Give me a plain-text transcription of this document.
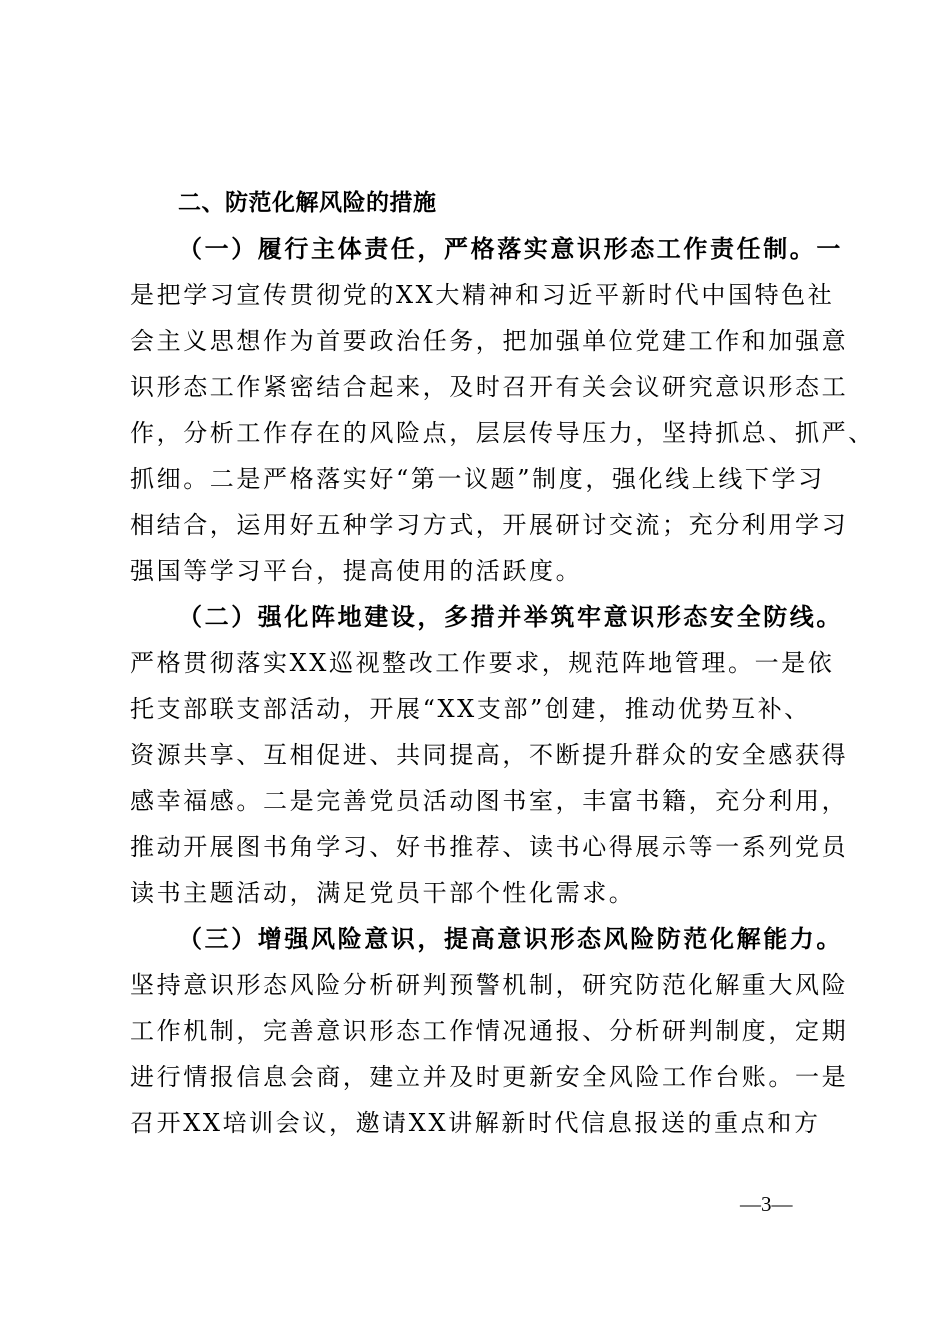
二、防范化解风险的措施
（一）履行主体责任，严格落实意识形态工作责任制。一
是把学习宣传贯彻党的XX大精神和习近平新时代中国特色社
会主义思想作为首要政治任务，把加强单位党建工作和加强意
识形态工作紧密结合起来，及时召开有关会议研究意识形态工
作，分析工作存在的风险点，层层传导压力，坚持抓总、抓严、
抓细。二是严格落实好“第一议题”制度，强化线上线下学习
相结合，运用好五种学习方式，开展研讨交流；充分利用学习
强国等学习平台，提高使用的活跃度。
（二）强化阵地建设，多措并举筑牢意识形态安全防线。
严格贯彻落实XX巡视整改工作要求，规范阵地管理。一是依
托支部联支部活动，开展“XX支部”创建，推动优势互补、
资源共享、互相促进、共同提高，不断提升群众的安全感获得
感幸福感。二是完善党员活动图书室，丰富书籍，充分利用，
推动开展图书角学习、好书推荐、读书心得展示等一系列党员
读书主题活动，满足党员干部个性化需求。
（三）增强风险意识，提高意识形态风险防范化解能力。
坚持意识形态风险分析研判预警机制，研究防范化解重大风险
工作机制，完善意识形态工作情况通报、分析研判制度，定期
进行情报信息会商，建立并及时更新安全风险工作台账。一是
召开XX培训会议，邀请XX讲解新时代信息报送的重点和方
—3—
